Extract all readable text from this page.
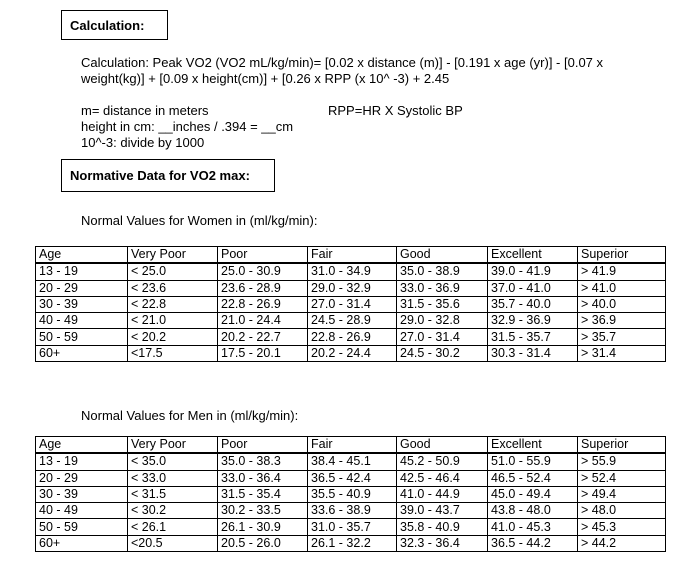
Calculation:
Calculation: Peak VO2 (VO2 mL/kg/min)= [0.02 x distance (m)] - [0.191 x age (yr)] - [0.07 x
weight(kg)] + [0.09 x height(cm)] + [0.26 x RPP (x 10^ -3) + 2.45
m= distance in meters	RPP=HR X Systolic BP
height in cm: __inches / .394 = __cm
10^-3: divide by 1000
Normative Data for VO2 max:
Normal Values for Women in (ml/kg/min):
Age	Very Poor	Poor	Fair	Good	Excellent	Superior
13 - 19	< 25.0	25.0 - 30.9	31.0 - 34.9	35.0 - 38.9	39.0 - 41.9	> 41.9
20 - 29	< 23.6	23.6 - 28.9	29.0 - 32.9	33.0 - 36.9	37.0 - 41.0	> 41.0
30 - 39	< 22.8	22.8 - 26.9	27.0 - 31.4	31.5 - 35.6	35.7 - 40.0	> 40.0
40 - 49	< 21.0	21.0 - 24.4	24.5 - 28.9	29.0 - 32.8	32.9 - 36.9	> 36.9
50 - 59	< 20.2	20.2 - 22.7	22.8 - 26.9	27.0 - 31.4	31.5 - 35.7	> 35.7
60+	<17.5	17.5 - 20.1	20.2 - 24.4	24.5 - 30.2	30.3 - 31.4	> 31.4
Normal Values for Men in (ml/kg/min):
Age	Very Poor	Poor	Fair	Good	Excellent	Superior
13 - 19	< 35.0	35.0 - 38.3	38.4 - 45.1	45.2 - 50.9	51.0 - 55.9	> 55.9
20 - 29	< 33.0	33.0 - 36.4	36.5 - 42.4	42.5 - 46.4	46.5 - 52.4	> 52.4
30 - 39	< 31.5	31.5 - 35.4	35.5 - 40.9	41.0 - 44.9	45.0 - 49.4	> 49.4
40 - 49	< 30.2	30.2 - 33.5	33.6 - 38.9	39.0 - 43.7	43.8 - 48.0	> 48.0
50 - 59	< 26.1	26.1 - 30.9	31.0 - 35.7	35.8 - 40.9	41.0 - 45.3	> 45.3
60+	<20.5	20.5 - 26.0	26.1 - 32.2	32.3 - 36.4	36.5 - 44.2	> 44.2
